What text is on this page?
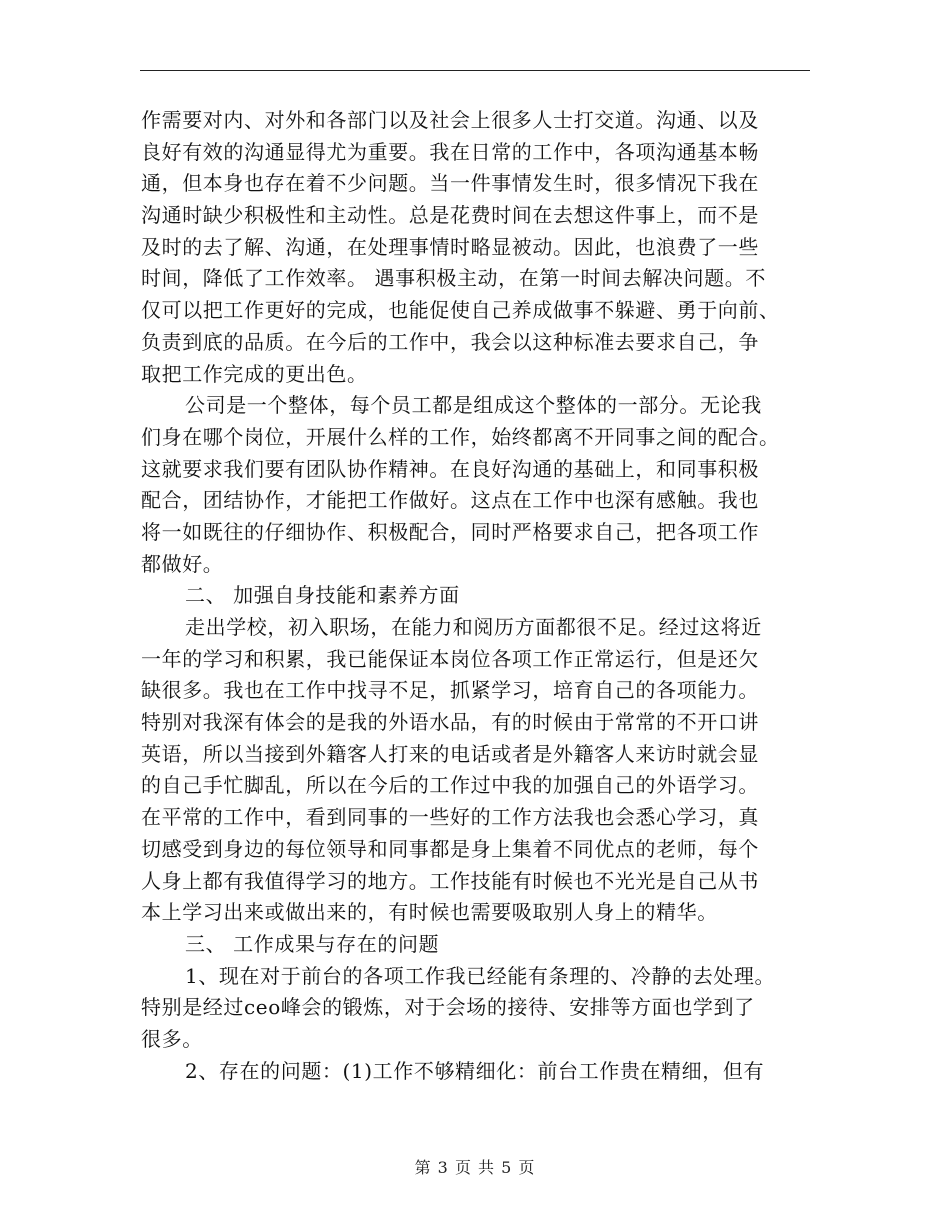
作需要对内、对外和各部门以及社会上很多人士打交道。沟通、以及
良好有效的沟通显得尤为重要。我在日常的工作中，各项沟通基本畅
通，但本身也存在着不少问题。当一件事情发生时，很多情况下我在
沟通时缺少积极性和主动性。总是花费时间在去想这件事上，而不是
及时的去了解、沟通，在处理事情时略显被动。因此，也浪费了一些
时间，降低了工作效率。 遇事积极主动，在第一时间去解决问题。不
仅可以把工作更好的完成，也能促使自己养成做事不躲避、勇于向前、
负责到底的品质。在今后的工作中，我会以这种标准去要求自己，争
取把工作完成的更出色。
公司是一个整体，每个员工都是组成这个整体的一部分。无论我
们身在哪个岗位，开展什么样的工作，始终都离不开同事之间的配合。
这就要求我们要有团队协作精神。在良好沟通的基础上，和同事积极
配合，团结协作，才能把工作做好。这点在工作中也深有感触。我也
将一如既往的仔细协作、积极配合，同时严格要求自己，把各项工作
都做好。
二、 加强自身技能和素养方面
走出学校，初入职场，在能力和阅历方面都很不足。经过这将近
一年的学习和积累，我已能保证本岗位各项工作正常运行，但是还欠
缺很多。我也在工作中找寻不足，抓紧学习，培育自己的各项能力。
特别对我深有体会的是我的外语水品，有的时候由于常常的不开口讲
英语，所以当接到外籍客人打来的电话或者是外籍客人来访时就会显
的自己手忙脚乱，所以在今后的工作过中我的加强自己的外语学习。
在平常的工作中，看到同事的一些好的工作方法我也会悉心学习，真
切感受到身边的每位领导和同事都是身上集着不同优点的老师，每个
人身上都有我值得学习的地方。工作技能有时候也不光光是自己从书
本上学习出来或做出来的，有时候也需要吸取别人身上的精华。
三、 工作成果与存在的问题
1、现在对于前台的各项工作我已经能有条理的、冷静的去处理。
特别是经过ceo峰会的锻炼，对于会场的接待、安排等方面也学到了
很多。
2、存在的问题：(1)工作不够精细化：前台工作贵在精细，但有
第 3 页 共 5 页
